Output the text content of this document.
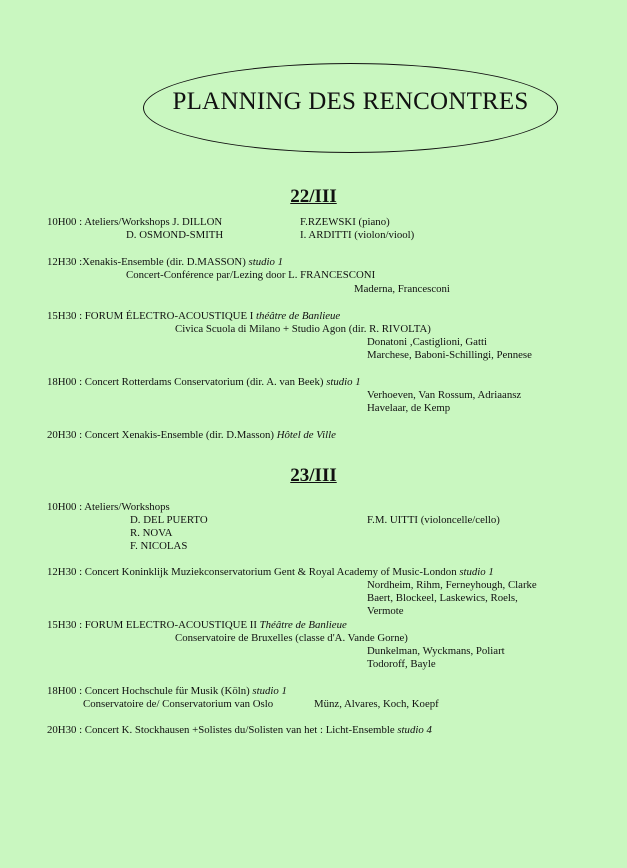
PLANNING DES RENCONTRES
22/III
10H00 : Ateliers/Workshops J. DILLON
D. OSMOND-SMITH
F.RZEWSKI (piano)
I. ARDITTI (violon/viool)
12H30 :Xenakis-Ensemble (dir. D.MASSON) studio 1
Concert-Conférence par/Lezing door L. FRANCESCONI
Maderna, Francesconi
15H30 : FORUM ÉLECTRO-ACOUSTIQUE I théâtre de Banlieue
Civica Scuola di Milano + Studio Agon (dir. R. RIVOLTA)
Donatoni ,Castiglioni, Gatti
Marchese, Baboni-Schillingi, Pennese
18H00 : Concert Rotterdams Conservatorium (dir. A. van Beek) studio 1
Verhoeven, Van Rossum, Adriaansz
Havelaar, de Kemp
20H30 : Concert Xenakis-Ensemble (dir. D.Masson) Hôtel de Ville
23/III
10H00 : Ateliers/Workshops
D. DEL PUERTO
R. NOVA
F. NICOLAS
F.M. UITTI (violoncelle/cello)
12H30 : Concert Koninklijk Muziekconservatorium Gent & Royal Academy of Music-London studio 1
Nordheim, Rihm, Ferneyhough, Clarke
Baert, Blockeel, Laskewics, Roels,
Vermote
15H30 : FORUM ELECTRO-ACOUSTIQUE II Théâtre de Banlieue
Conservatoire de Bruxelles (classe d'A. Vande Gorne)
Dunkelman, Wyckmans, Poliart
Todoroff, Bayle
18H00 : Concert Hochschule für Musik (Köln) studio 1
Conservatoire de/ Conservatorium van Oslo	Münz, Alvares, Koch, Koepf
20H30 : Concert K. Stockhausen +Solistes du/Solisten van het : Licht-Ensemble studio 4
